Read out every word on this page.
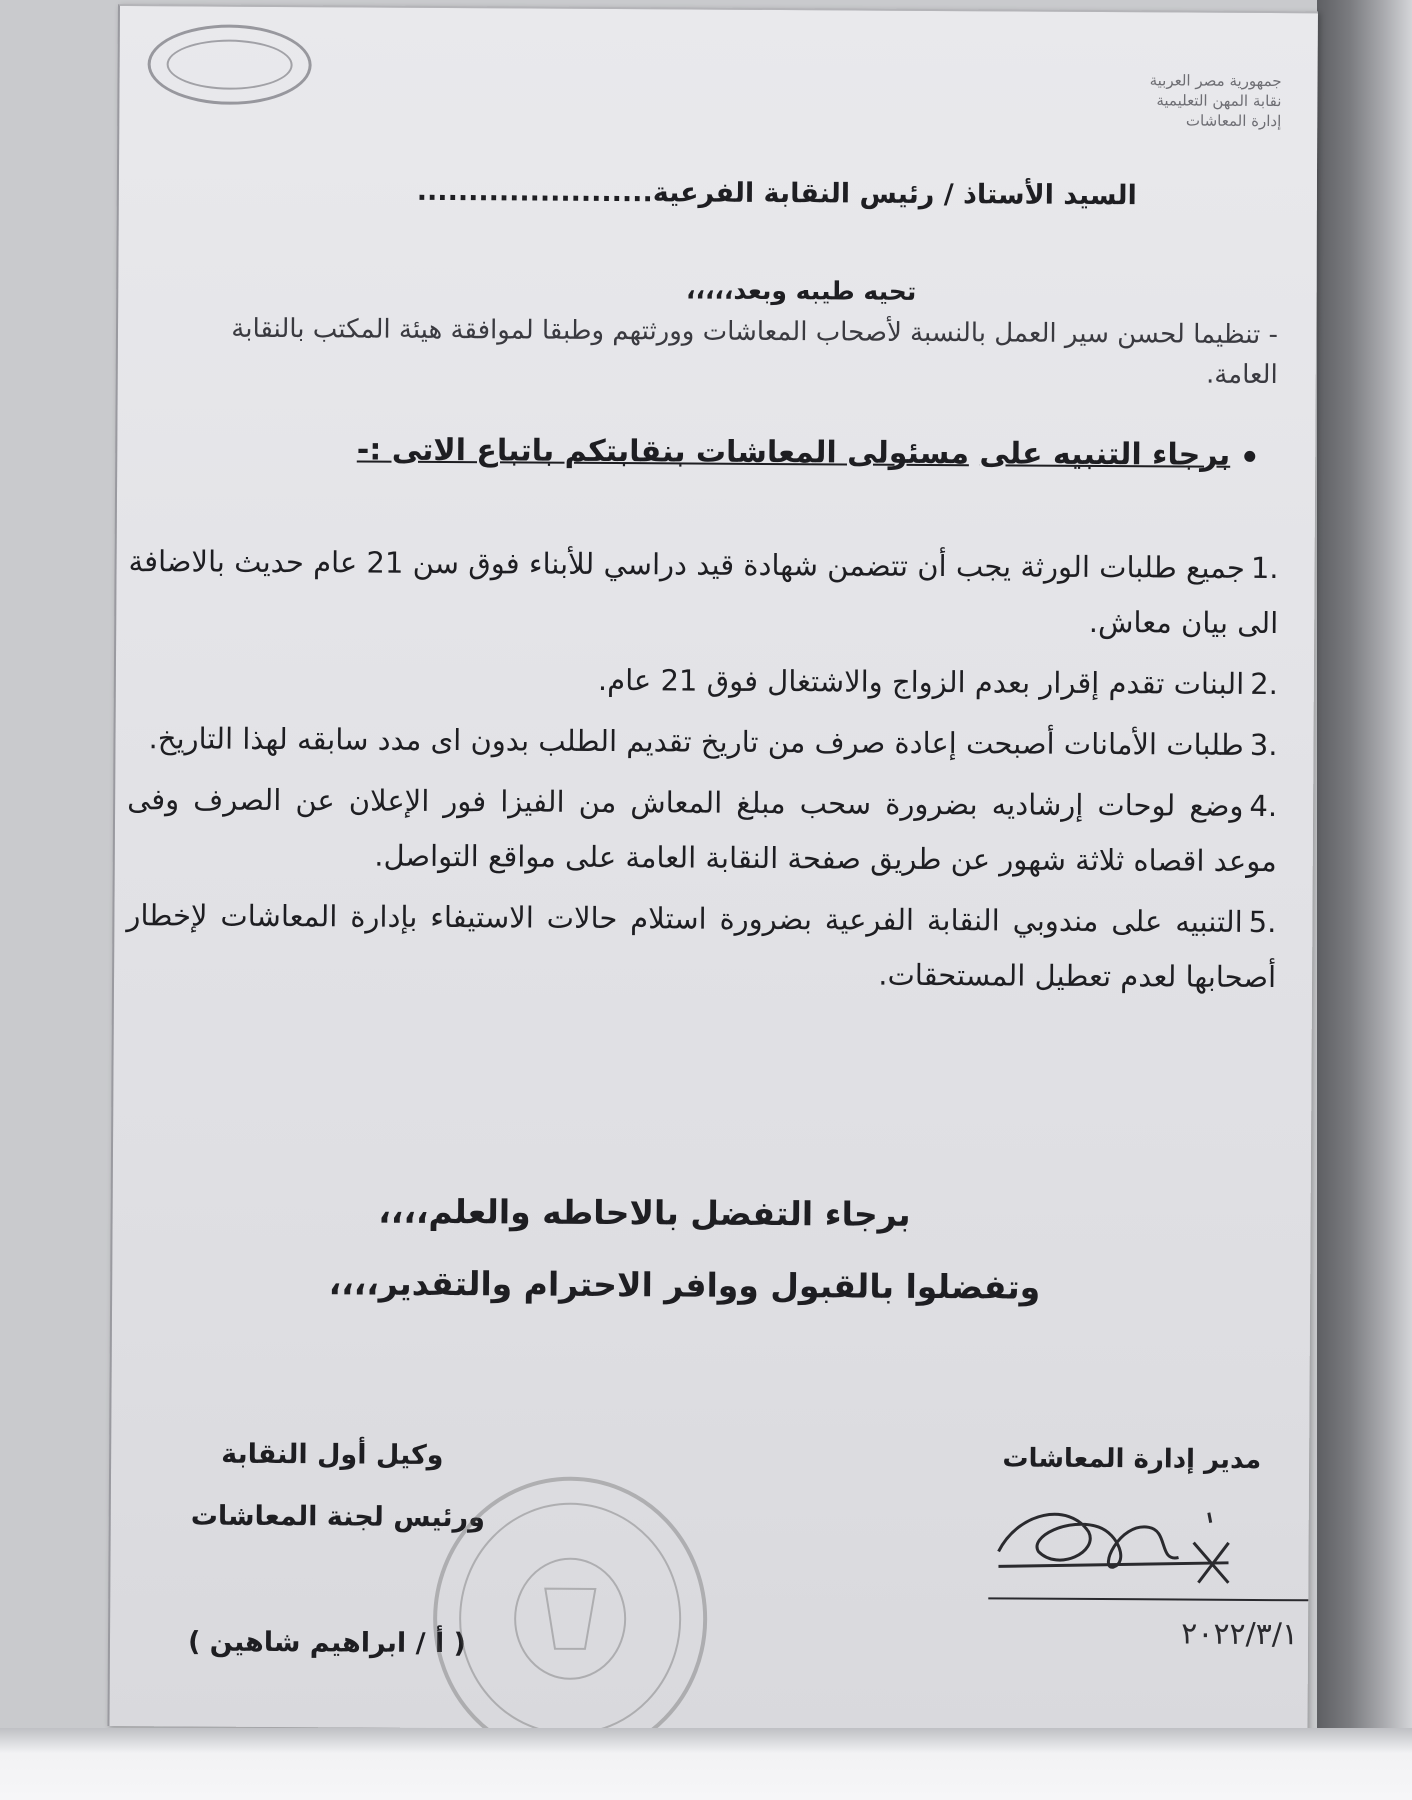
جمهورية مصر العربية
نقابة المهن التعليمية
إدارة المعاشات
السيد الأستاذ / رئيس النقابة الفرعية.......................
تحيه طيبه وبعد،،،،،
- تنظيما لحسن سير العمل بالنسبة لأصحاب المعاشات وورثتهم وطبقا لموافقة هيئة المكتب بالنقابة العامة.
برجاء التنبيه على مسئولى المعاشات بنقابتكم باتباع الاتى :-
1.جميع طلبات الورثة يجب أن تتضمن شهادة قيد دراسي للأبناء فوق سن 21 عام حديث بالاضافة الى بيان معاش.
2.البنات تقدم إقرار بعدم الزواج والاشتغال فوق 21 عام.
3.طلبات الأمانات أصبحت إعادة صرف من تاريخ تقديم الطلب بدون اى مدد سابقه لهذا التاريخ.
4.وضع لوحات إرشاديه بضرورة سحب مبلغ المعاش من الفيزا فور الإعلان عن الصرف وفى موعد اقصاه ثلاثة شهور عن طريق صفحة النقابة العامة على مواقع التواصل.
5.التنبيه على مندوبي النقابة الفرعية بضرورة استلام حالات الاستيفاء بإدارة المعاشات لإخطار أصحابها لعدم تعطيل المستحقات.
برجاء التفضل بالاحاطه والعلم،،،،
وتفضلوا بالقبول ووافر الاحترام والتقدير،،،،
مدير إدارة المعاشات
٢٠٢٢/٣/١
وكيل أول النقابة
ورئيس لجنة المعاشات
( أ / ابراهيم شاهين )
